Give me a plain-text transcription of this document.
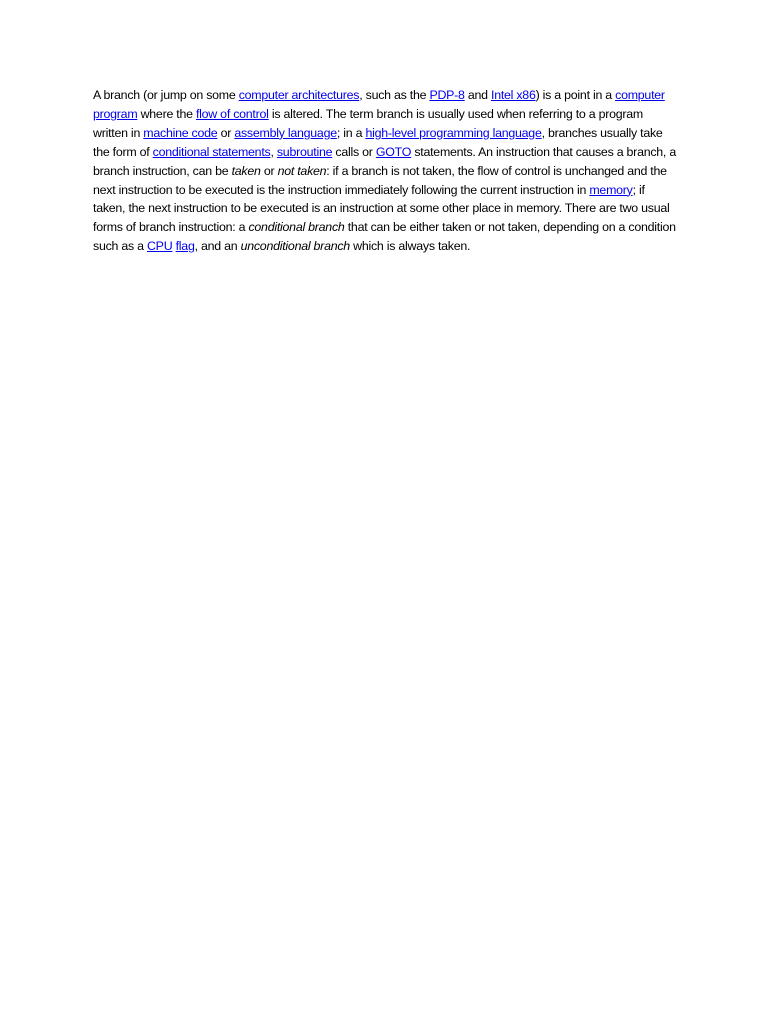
A branch (or jump on some computer architectures, such as the PDP-8 and Intel x86) is a point in a computer program where the flow of control is altered. The term branch is usually used when referring to a program written in machine code or assembly language; in a high-level programming language, branches usually take the form of conditional statements, subroutine calls or GOTO statements. An instruction that causes a branch, a branch instruction, can be taken or not taken: if a branch is not taken, the flow of control is unchanged and the next instruction to be executed is the instruction immediately following the current instruction in memory; if taken, the next instruction to be executed is an instruction at some other place in memory. There are two usual forms of branch instruction: a conditional branch that can be either taken or not taken, depending on a condition such as a CPU flag, and an unconditional branch which is always taken.
